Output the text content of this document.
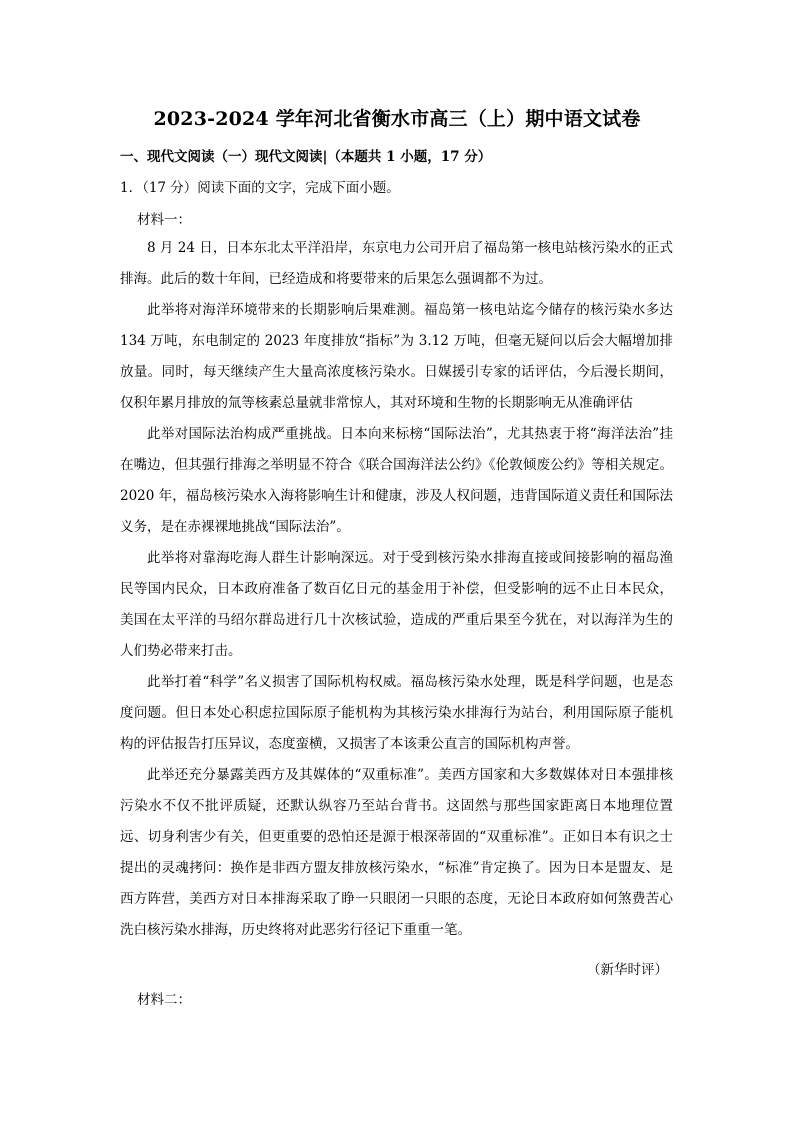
2023-2024 学年河北省衡水市高三（上）期中语文试卷
一、现代文阅读（一）现代文阅读|（本题共 1 小题，17 分）
1．（17 分）阅读下面的文字，完成下面小题。
材料一：

8 月 24 日，日本东北太平洋沿岸，东京电力公司开启了福岛第一核电站核污染水的正式排海。此后的数十年间，已经造成和将要带来的后果怎么强调都不为过。

此举将对海洋环境带来的长期影响后果难测。福岛第一核电站迄今储存的核污染水多达 134 万吨，东电制定的 2023 年度排放“指标”为 3.12 万吨，但毫无疑问以后会大幅增加排放量。同时，每天继续产生大量高浓度核污染水。日媒援引专家的话评估，今后漫长期间，仅积年累月排放的氚等核素总量就非常惊人，其对环境和生物的长期影响无从准确评估

此举对国际法治构成严重挑战。日本向来标榜“国际法治”，尤其热衷于将“海洋法治”挂在嘴边，但其强行排海之举明显不符合《联合国海洋法公约》《伦敦倾废公约》等相关规定。2020 年，福岛核污染水入海将影响生计和健康，涉及人权问题，违背国际道义责任和国际法义务，是在赤裸裸地挑战“国际法治”。

此举将对靠海吃海人群生计影响深远。对于受到核污染水排海直接或间接影响的福岛渔民等国内民众，日本政府准备了数百亿日元的基金用于补偿，但受影响的远不止日本民众，美国在太平洋的马绍尔群岛进行几十次核试验，造成的严重后果至今犹在，对以海洋为生的人们势必带来打击。

此举打着“科学”名义损害了国际机构权威。福岛核污染水处理，既是科学问题，也是态度问题。但日本处心积虑拉国际原子能机构为其核污染水排海行为站台，利用国际原子能机构的评估报告打压异议，态度蛮横，又损害了本该秉公直言的国际机构声誉。

此举还充分暴露美西方及其媒体的“双重标准”。美西方国家和大多数媒体对日本强排核污染水不仅不批评质疑，还默认纵容乃至站台背书。这固然与那些国家距离日本地理位置远、切身利害少有关，但更重要的恐怕还是源于根深蒂固的“双重标准”。正如日本有识之士提出的灵魂拷问：换作是非西方盟友排放核污染水，“标准”肯定换了。因为日本是盟友、是西方阵营，美西方对日本排海采取了睁一只眼闭一只眼的态度，无论日本政府如何煞费苦心洗白核污染水排海，历史终将对此恶劣行径记下重重一笔。

（新华时评）
材料二：
